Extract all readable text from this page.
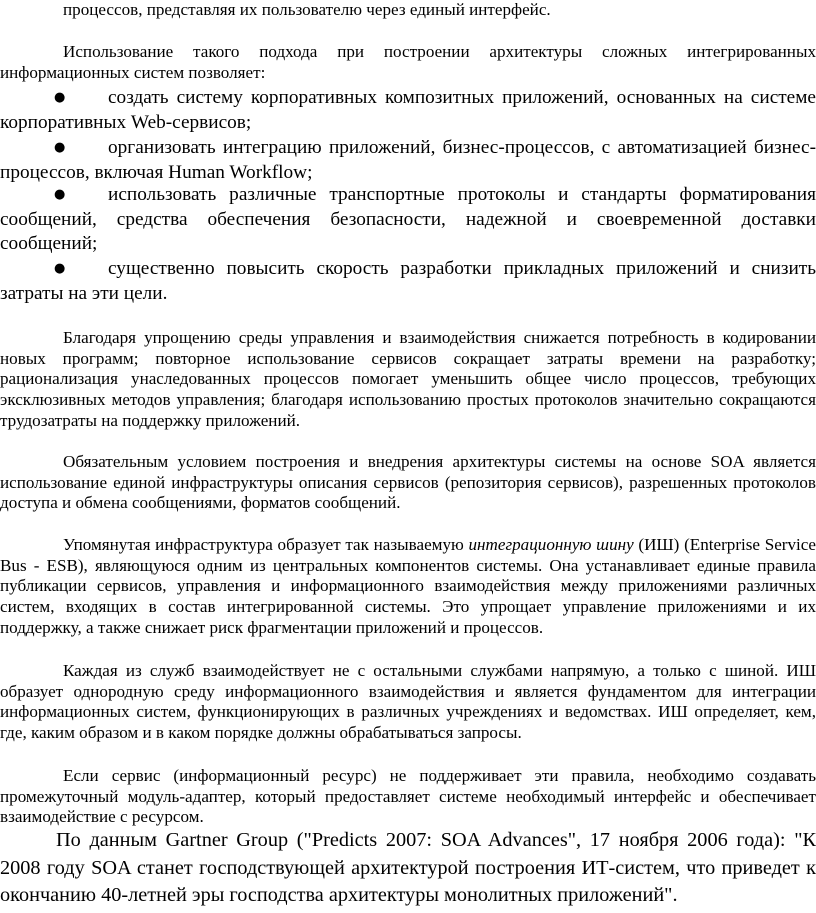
процессов, представляя их пользователю через единый интерфейс.

Использование такого подхода при построении архитектуры сложных интегрированных информационных систем позволяет:

●	создать систему корпоративных композитных приложений, основанных на системе корпоративных Web-сервисов;

●	организовать интеграцию приложений, бизнес-процессов, с автоматизацией бизнес-процессов, включая Human Workflow;

●	использовать различные транспортные протоколы и стандарты форматирования сообщений, средства обеспечения безопасности, надежной и своевременной доставки сообщений;

●	существенно повысить скорость разработки прикладных приложений и снизить затраты на эти цели.

Благодаря упрощению среды управления и взаимодействия снижается потребность в кодировании новых программ; повторное использование сервисов сокращает затраты времени на разработку; рационализация унаследованных процессов помогает уменьшить общее число процессов, требующих эксклюзивных методов управления; благодаря использованию простых протоколов значительно сокращаются трудозатраты на поддержку приложений.

Обязательным условием построения и внедрения архитектуры системы на основе SOA является использование единой инфраструктуры описания сервисов (репозитория сервисов), разрешенных протоколов доступа и обмена сообщениями, форматов сообщений.

Упомянутая инфраструктура образует так называемую интеграционную шину (ИШ) (Enterprise Service Bus - ESB), являющуюся одним из центральных компонентов системы. Она устанавливает единые правила публикации сервисов, управления и информационного взаимодействия между приложениями различных систем, входящих в состав интегрированной системы. Это упрощает управление приложениями и их поддержку, а также снижает риск фрагментации приложений и процессов.

Каждая из служб взаимодействует не с остальными службами напрямую, а только с шиной. ИШ образует однородную среду информационного взаимодействия и является фундаментом для интеграции информационных систем, функционирующих в различных учреждениях и ведомствах. ИШ определяет, кем, где, каким образом и в каком порядке должны обрабатываться запросы.

Если сервис (информационный ресурс) не поддерживает эти правила, необходимо создавать промежуточный модуль-адаптер, который предоставляет системе необходимый интерфейс и обеспечивает взаимодействие с ресурсом.

По данным Gartner Group ("Predicts 2007: SOA Advances", 17 ноября 2006 года): "К 2008 году SOA станет господствующей архитектурой построения ИТ-систем, что приведет к окончанию 40-летней эры господства архитектуры монолитных приложений".
